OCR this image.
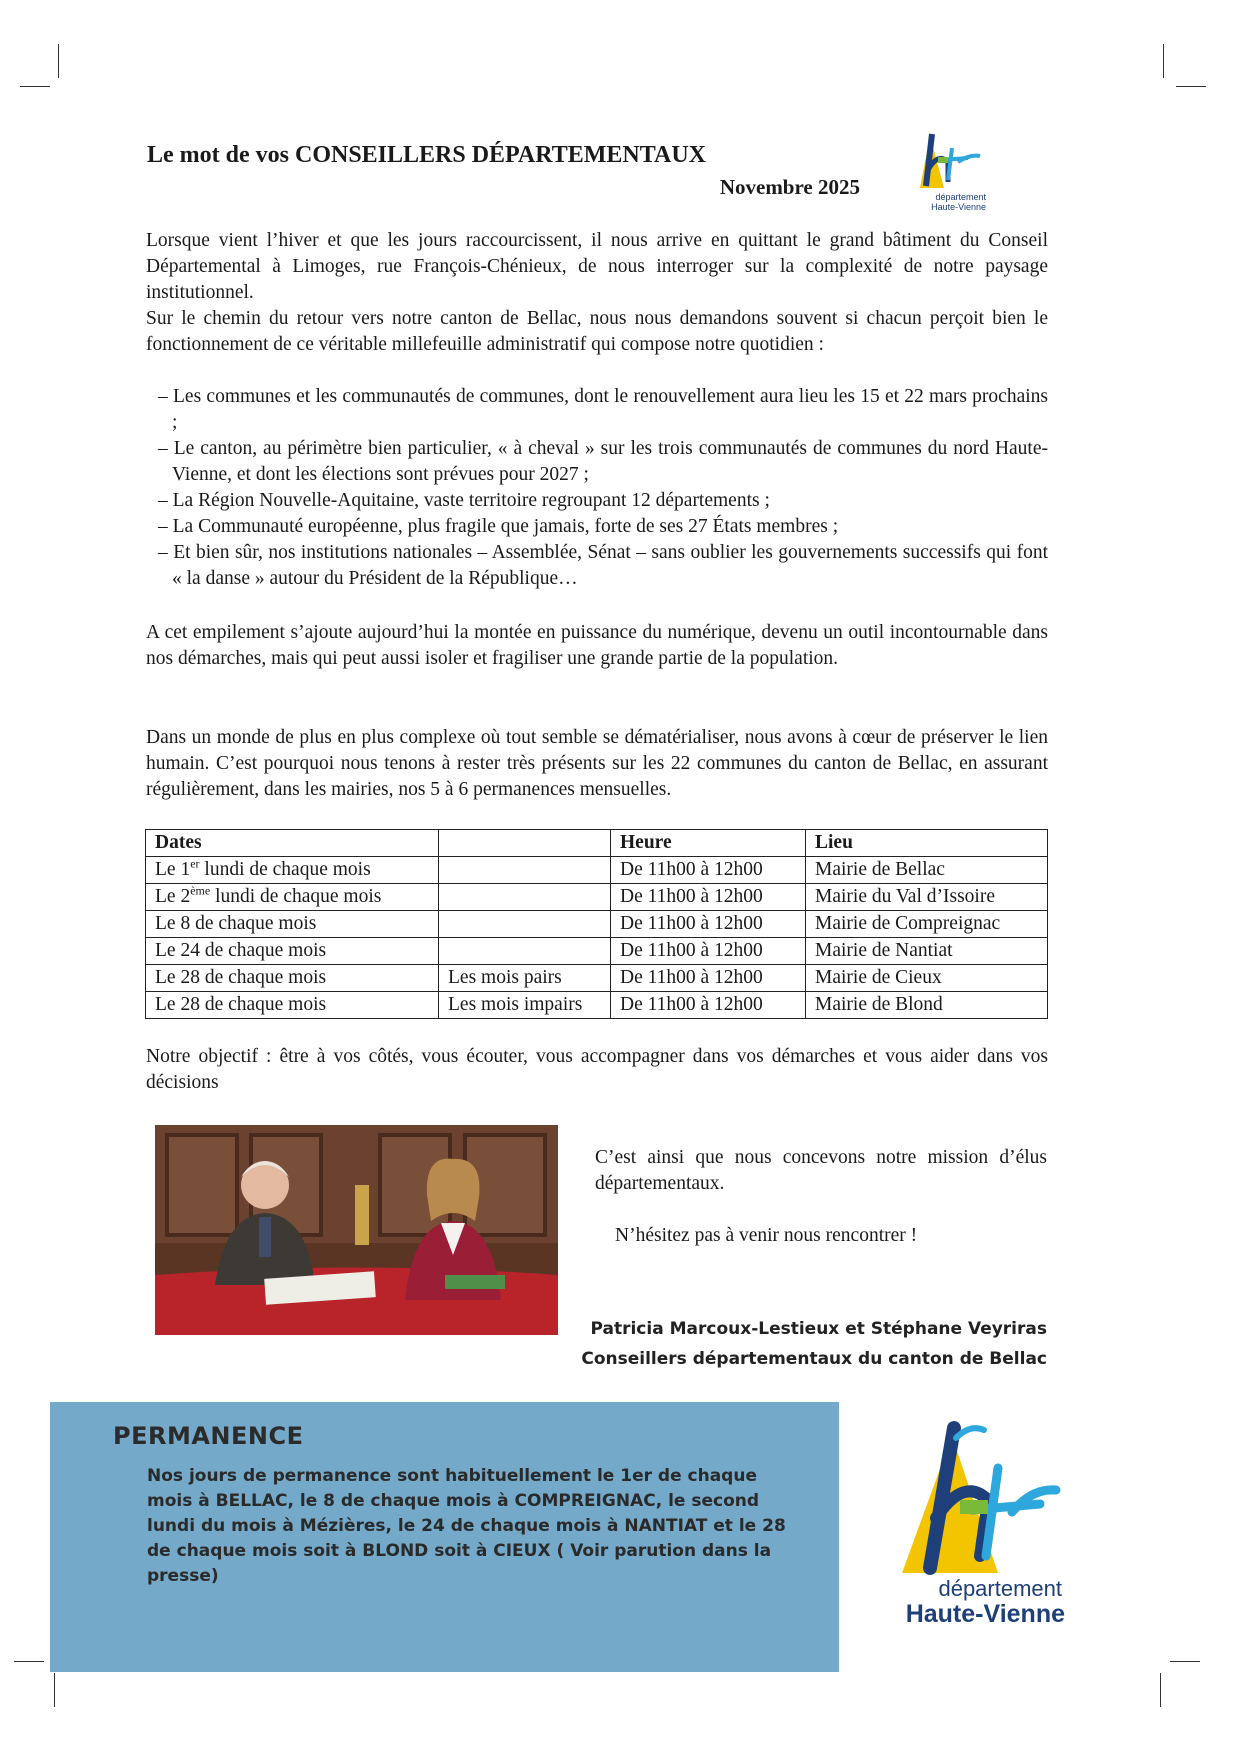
Le mot de vos CONSEILLERS DÉPARTEMENTAUX
Novembre 2025	département Haute-Vienne

Lorsque vient l’hiver et que les jours raccourcissent, il nous arrive en quittant le grand bâtiment du Conseil Départemental à Limoges, rue François-Chénieux, de nous interroger sur la complexité de notre paysage institutionnel.

Sur le chemin du retour vers notre canton de Bellac, nous nous demandons souvent si chacun perçoit bien le fonctionnement de ce véritable millefeuille administratif qui compose notre quotidien :

– Les communes et les communautés de communes, dont le renouvellement aura lieu les 15 et 22 mars prochains ;
– Le canton, au périmètre bien particulier, « à cheval » sur les trois communautés de communes du nord Haute-Vienne, et dont les élections sont prévues pour 2027 ;
– La Région Nouvelle-Aquitaine, vaste territoire regroupant 12 départements ;
– La Communauté européenne, plus fragile que jamais, forte de ses 27 États membres ;
– Et bien sûr, nos institutions nationales – Assemblée, Sénat – sans oublier les gouvernements successifs qui font « la danse » autour du Président de la République…

A cet empilement s’ajoute aujourd’hui la montée en puissance du numérique, devenu un outil incontournable dans nos démarches, mais qui peut aussi isoler et fragiliser une grande partie de la population.

Dans un monde de plus en plus complexe où tout semble se dématérialiser, nous avons à cœur de préserver le lien humain. C’est pourquoi nous tenons à rester très présents sur les 22 communes du canton de Bellac, en assurant régulièrement, dans les mairies, nos 5 à 6 permanences mensuelles.

Dates		Heure	Lieu
Le 1er lundi de chaque mois		De 11h00 à 12h00	Mairie de Bellac
Le 2ème lundi de chaque mois		De 11h00 à 12h00	Mairie du Val d’Issoire
Le 8 de chaque mois		De 11h00 à 12h00	Mairie de Compreignac
Le 24 de chaque mois		De 11h00 à 12h00	Mairie de Nantiat
Le 28 de chaque mois	Les mois pairs	De 11h00 à 12h00	Mairie de Cieux
Le 28 de chaque mois	Les mois impairs	De 11h00 à 12h00	Mairie de Blond

Notre objectif : être à vos côtés, vous écouter, vous accompagner dans vos démarches et vous aider dans vos décisions

C’est ainsi que nous concevons notre mission d’élus départementaux.

N’hésitez pas à venir nous rencontrer !

Patricia Marcoux-Lestieux et Stéphane Veyriras
Conseillers départementaux du canton de Bellac
PERMANENCE

Nos jours de permanence sont habituellement le 1er de chaque mois à BELLAC, le 8 de chaque mois à COMPREIGNAC, le second lundi du mois à Mézières, le 24 de chaque mois à NANTIAT et le 28 de chaque mois soit à BLOND soit à CIEUX ( Voir parution dans la presse)	département
Haute-Vienne
